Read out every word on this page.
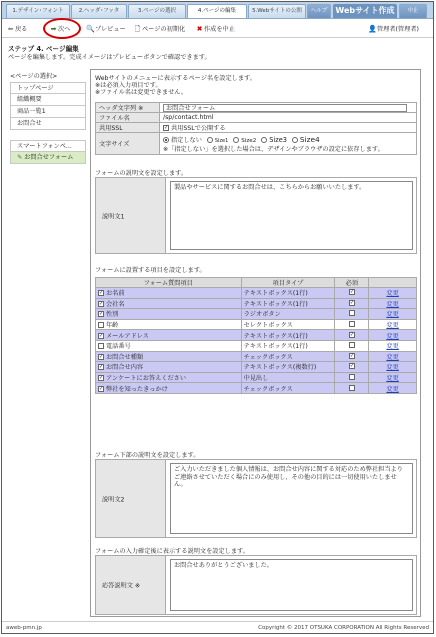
1.デザイン･フォント	2.ヘッダ･フッタ	3.ページの選択	4.ページの編集	5.Webサイトの公開	ヘルプ	Webサイト作成	中止
⬅ 戻る	➡ 次へ 🔍プレビュー 🗋 ページの初期化 ✖ 作成を中止	👤管理者(管理者)
ステップ 4. ページ編集
ページを編集します。完成イメージはプレビューボタンで確認できます。
<ページの選択>
トップページ
組織概要
商品一覧1
お問合せ
スマートフォンペ...
✎ お問合せフォーム
Webサイトのメニューに表示するページ名を設定します。
※は必須入力項目です。
※ファイル名は変更できません。
ヘッダ文字列 ※	お問合せフォーム
ファイル名	/sp/contact.html
共用SSL	✓ 共用SSLで公開する
文字サイズ	指定しない Size1 Size2 Size3 Size4
※「指定しない」を選択した場合は、デザインやブラウザの設定に依存します。
フォームの説明文を設定します。
説明文1
製品やサービスに関するお問合せは、こちらからお願いいたします。
フォームに設置する項目を設定します。
フォーム質問項目	項目タイプ	必須	
✓ お名前	テキストボックス(1行)	✓	変更
✓ 会社名	テキストボックス(1行)	✓	変更
✓ 性別	ラジオボタン		変更
年齢	セレクトボックス		変更
✓ メールアドレス	テキストボックス(1行)	✓	変更
電話番号	テキストボックス(1行)		変更
✓ お問合せ種類	チェックボックス	✓	変更
✓ お問合せ内容	テキストボックス(複数行)	✓	変更
✓ アンケートにお答えください	中見出し		変更
✓ 弊社を知ったきっかけ	チェックボックス		変更
フォーム下部の説明文を設定します。
説明文2
ご入力いただきました個人情報は、お問合せ内容に関する対応のため弊社担当よりご連絡させていただく場合にのみ使用し、その他の目的には一切使用いたしません。
フォームの入力確定後に表示する説明文を設定します。
応答説明文 ※
お問合せありがとうございました。
aweb-pmn.jp	Copyright © 2017 OTSUKA CORPORATION All Rights Reserved
